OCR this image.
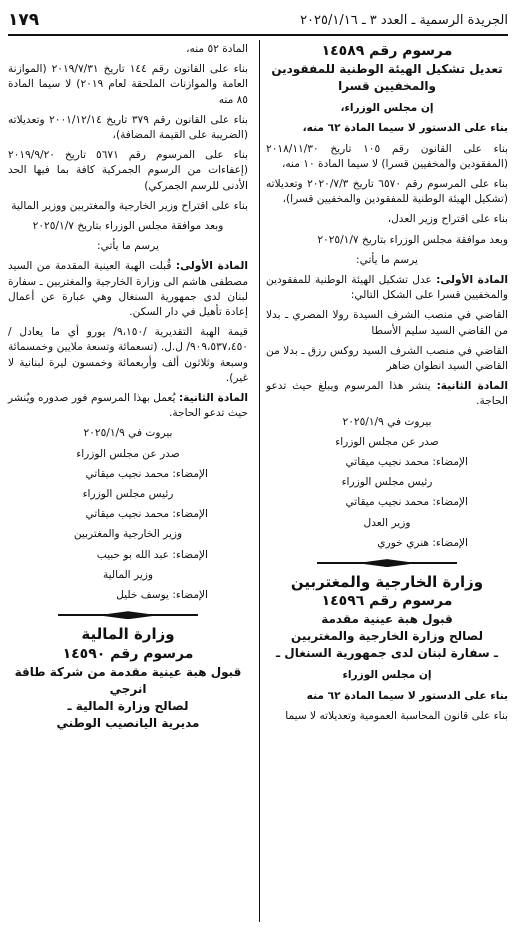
الجريدة الرسمية ـ العدد ٣ ـ ٢٠٢٥/١/١٦
١٧٩
مرسوم رقم ١٤٥٨٩
تعديل تشكيل الهيئة الوطنية للمفقودين والمخفيين قسرا

إن مجلس الوزراء،

بناء على الدستور لا سيما المادة ٦٢ منه،

بناء على القانون رقم ١٠٥ تاريخ ٢٠١٨/١١/٣٠ (المفقودين والمخفيين قسرا) لا سيما المادة ١٠ منه،

بناء على المرسوم رقم ٦٥٧٠ تاريخ ٢٠٢٠/٧/٣ وتعديلاته (تشكيل الهيئة الوطنية للمفقودين والمخفيين قسرا)،

بناء على اقتراح وزير العدل،

وبعد موافقة مجلس الوزراء بتاريخ ٢٠٢٥/١/٧

يرسم ما يأتي:

المادة الأولى: عدل تشكيل الهيئة الوطنية للمفقودين والمخفيين قسرا على الشكل التالي:

القاضي في منصب الشرف السيدة رولا المصري ـ بدلا من القاضي السيد سليم الأسطا

القاضي في منصب الشرف السيد روكس رزق ـ بدلا من القاضي السيد انطوان ضاهر

المادة الثانية: ينشر هذا المرسوم ويبلغ حيث تدعو الحاجة.

بيروت في ٢٠٢٥/١/٩

صدر عن مجلس الوزراء

الإمضاء: محمد نجيب ميقاتي

رئيس مجلس الوزراء

الإمضاء: محمد نجيب ميقاتي

وزير العدل

الإمضاء: هنري خوري

وزارة الخارجية والمغتربين
مرسوم رقم ١٤٥٩٦
قبول هبة عينية مقدمة
لصالح وزارة الخارجية والمغتربين
ـ سفارة لبنان لدى جمهورية السنغال ـ

إن مجلس الوزراء

بناء على الدستور لا سيما المادة ٦٢ منه

بناء على قانون المحاسبة العمومية وتعديلاته لا سيما

المادة ٥٢ منه،

بناء على القانون رقم ١٤٤ تاريخ ٢٠١٩/٧/٣١ (الموازنة العامة والموازنات الملحقة لعام ٢٠١٩) لا سيما المادة ٨٥ منه

بناء على القانون رقم ٣٧٩ تاريخ ٢٠٠١/١٢/١٤ وتعديلاته (الضريبة على القيمة المضافة)،

بناء على المرسوم رقم ٥٦٧١ تاريخ ٢٠١٩/٩/٢٠ (إعفاءات من الرسوم الجمركية كافة بما فيها الحد الأدنى للرسم الجمركي)

بناء على اقتراح وزير الخارجية والمغتربين ووزير المالية

وبعد موافقة مجلس الوزراء بتاريخ ٢٠٢٥/١/٧

يرسم ما يأتي:

المادة الأولى: قُبلت الهبة العينية المقدمة من السيد مصطفى هاشم الى وزارة الخارجية والمغتربين ـ سفارة لبنان لدى جمهورية السنغال وهي عبارة عن أعمال إعادة تأهيل في دار السكن.

قيمة الهبة التقديرية /٩،١٥٠/ يورو أي ما يعادل /٩٠٩،٥٣٧،٤٥٠/ ل.ل. (تسعمائة وتسعة ملايين وخمسمائة وسبعة وثلاثون ألف وأربعمائة وخمسون ليرة لبنانية لا غير).

المادة الثانية: يُعمل بهذا المرسوم فور صدوره ويُنشر حيث تدعو الحاجة.

بيروت في ٢٠٢٥/١/٩

صدر عن مجلس الوزراء

الإمضاء: محمد نجيب ميقاتي

رئيس مجلس الوزراء

الإمضاء: محمد نجيب ميقاتي

وزير الخارجية والمغتربين

الإمضاء: عبد الله بو حبيب

وزير المالية

الإمضاء: يوسف خليل

وزارة المالية
مرسوم رقم ١٤٥٩٠
قبول هبة عينية مقدمة من شركة طاقة انرجي
لصالح وزارة المالية ـ
مديرية اليانصيب الوطني
